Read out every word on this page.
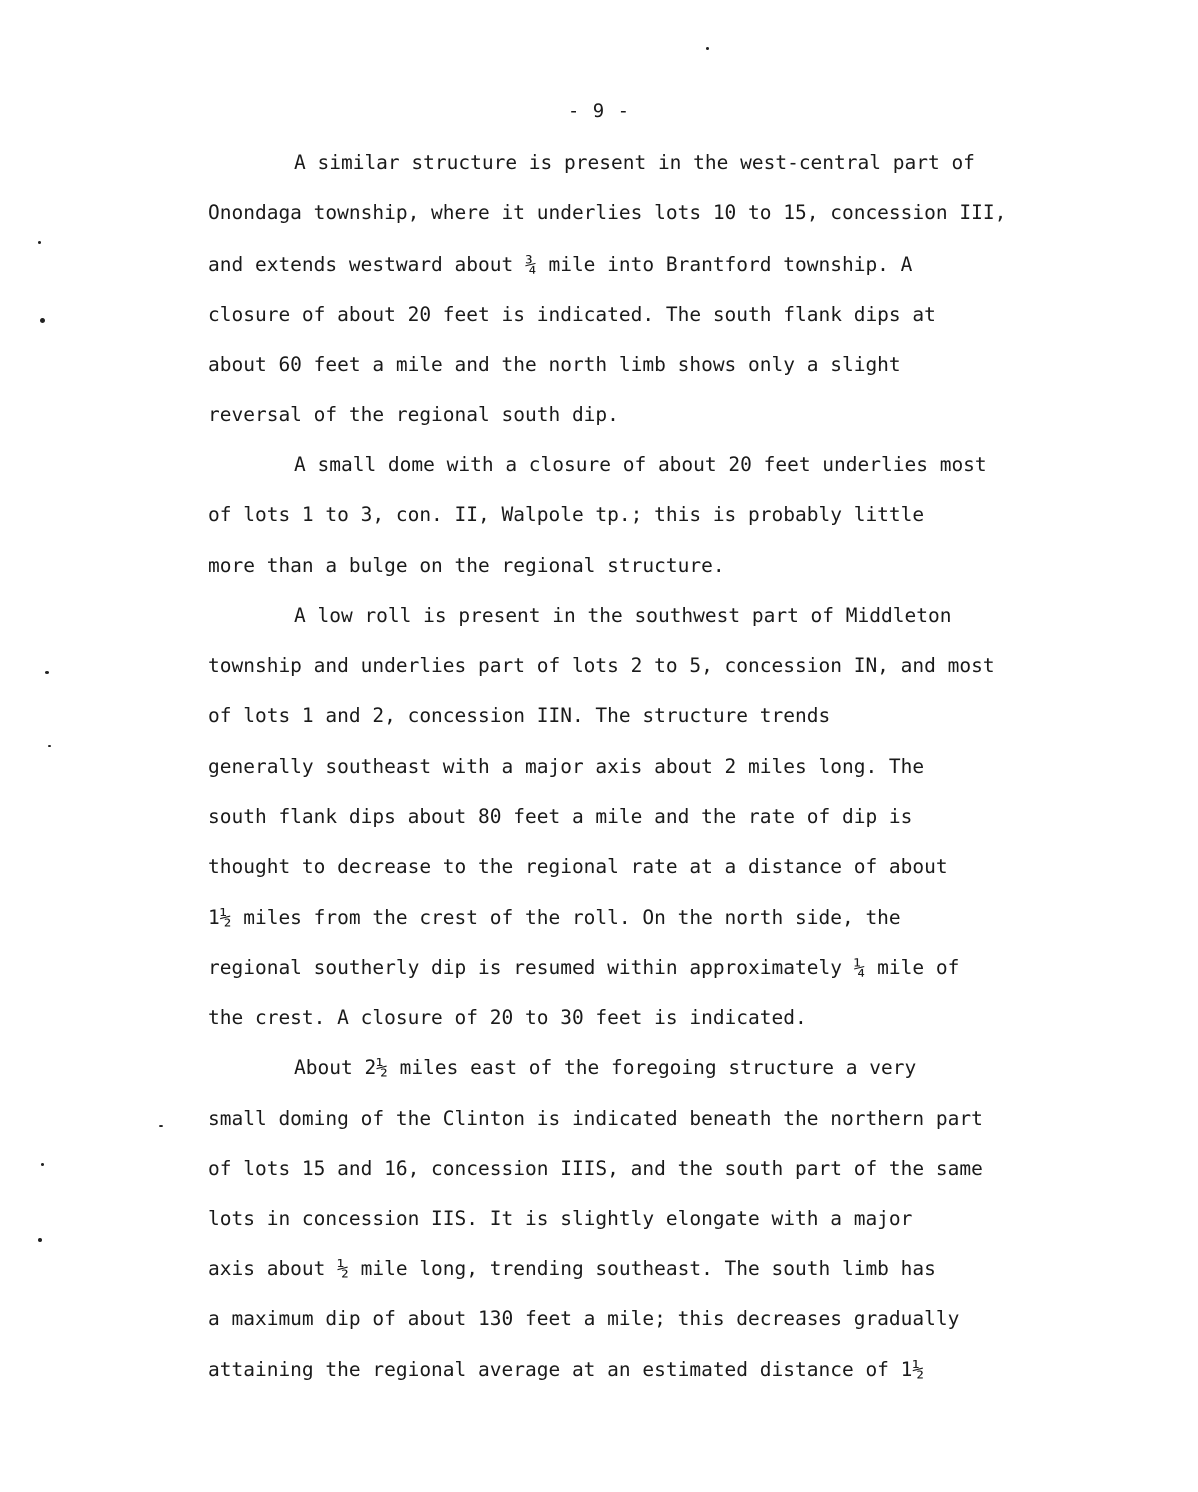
- 9 -
A similar structure is present in the west-central part of
Onondaga township, where it underlies lots 10 to 15, concession III,
and extends westward about ¾ mile into Brantford township. A
closure of about 20 feet is indicated. The south flank dips at
about 60 feet a mile and the north limb shows only a slight
reversal of the regional south dip.
A small dome with a closure of about 20 feet underlies most
of lots 1 to 3, con. II, Walpole tp.; this is probably little
more than a bulge on the regional structure.
A low roll is present in the southwest part of Middleton
township and underlies part of lots 2 to 5, concession IN, and most
of lots 1 and 2, concession IIN. The structure trends
generally southeast with a major axis about 2 miles long. The
south flank dips about 80 feet a mile and the rate of dip is
thought to decrease to the regional rate at a distance of about
1½ miles from the crest of the roll. On the north side, the
regional southerly dip is resumed within approximately ¼ mile of
the crest. A closure of 20 to 30 feet is indicated.
About 2½ miles east of the foregoing structure a very
small doming of the Clinton is indicated beneath the northern part
of lots 15 and 16, concession IIIS, and the south part of the same
lots in concession IIS. It is slightly elongate with a major
axis about ½ mile long, trending southeast. The south limb has
a maximum dip of about 130 feet a mile; this decreases gradually
attaining the regional average at an estimated distance of 1½
